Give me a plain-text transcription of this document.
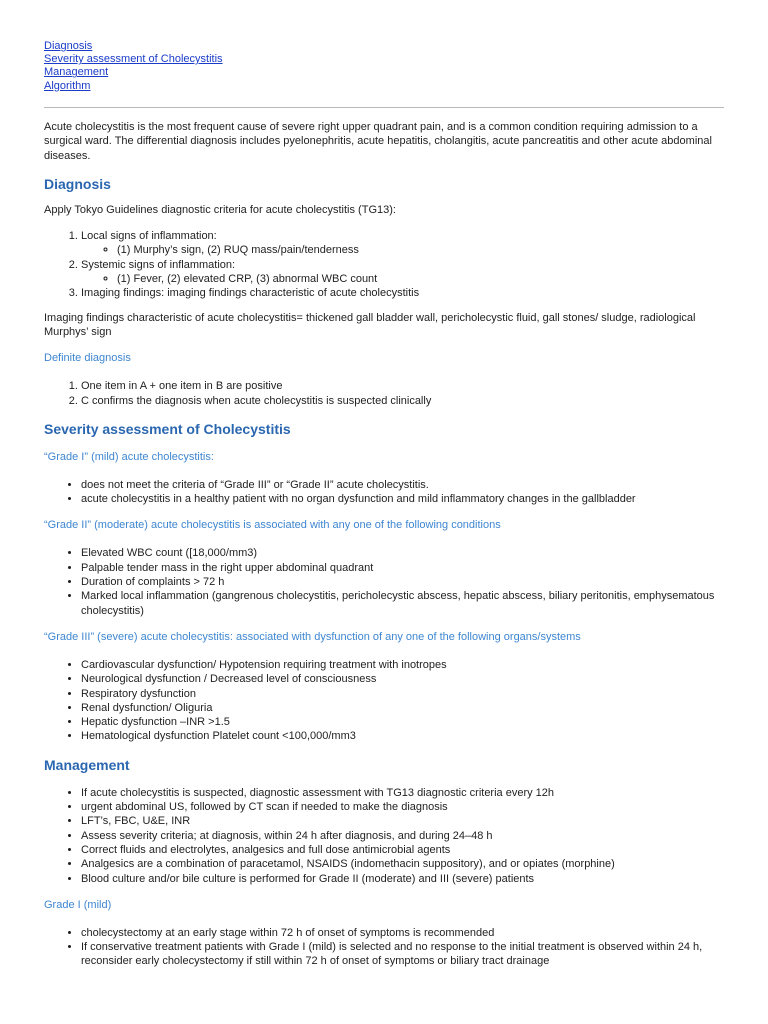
Diagnosis
Severity assessment of Cholecystitis
Management
Algorithm

Acute cholecystitis is the most frequent cause of severe right upper quadrant pain, and is a common condition requiring admission to a surgical ward. The differential diagnosis includes pyelonephritis, acute hepatitis, cholangitis, acute pancreatitis and other acute abdominal diseases.

Diagnosis

Apply Tokyo Guidelines diagnostic criteria for acute cholecystitis (TG13):

1. Local signs of inflammation:
◦ (1) Murphy’s sign, (2) RUQ mass/pain/tenderness
2. Systemic signs of inflammation:
◦ (1) Fever, (2) elevated CRP, (3) abnormal WBC count
3. Imaging findings: imaging findings characteristic of acute cholecystitis

Imaging findings characteristic of acute cholecystitis= thickened gall bladder wall, pericholecystic fluid, gall stones/ sludge, radiological Murphys’ sign

Definite diagnosis
1. One item in A + one item in B are positive
2. C confirms the diagnosis when acute cholecystitis is suspected clinically
Severity assessment of Cholecystitis
“Grade I” (mild) acute cholecystitis:
• does not meet the criteria of “Grade III” or “Grade II” acute cholecystitis.
• acute cholecystitis in a healthy patient with no organ dysfunction and mild inflammatory changes in the gallbladder
“Grade II” (moderate) acute cholecystitis is associated with any one of the following conditions
• Elevated WBC count ([18,000/mm3)
• Palpable tender mass in the right upper abdominal quadrant
• Duration of complaints > 72 h
• Marked local inflammation (gangrenous cholecystitis, pericholecystic abscess, hepatic abscess, biliary peritonitis, emphysematous cholecystitis)
“Grade III” (severe) acute cholecystitis: associated with dysfunction of any one of the following organs/systems
• Cardiovascular dysfunction/ Hypotension requiring treatment with inotropes
• Neurological dysfunction / Decreased level of consciousness
• Respiratory dysfunction
• Renal dysfunction/ Oliguria
• Hepatic dysfunction –INR >1.5
• Hematological dysfunction Platelet count <100,000/mm3
Management
• If acute cholecystitis is suspected, diagnostic assessment with TG13 diagnostic criteria every 12h
• urgent abdominal US, followed by CT scan if needed to make the diagnosis
• LFT’s, FBC, U&E, INR
• Assess severity criteria; at diagnosis, within 24 h after diagnosis, and during 24–48 h
• Correct fluids and electrolytes, analgesics and full dose antimicrobial agents
• Analgesics are a combination of paracetamol, NSAIDS (indomethacin suppository), and or opiates (morphine)
• Blood culture and/or bile culture is performed for Grade II (moderate) and III (severe) patients
Grade I (mild)
• cholecystectomy at an early stage within 72 h of onset of symptoms is recommended
• If conservative treatment patients with Grade I (mild) is selected and no response to the initial treatment is observed within 24 h, reconsider early cholecystectomy if still within 72 h of onset of symptoms or biliary tract drainage
